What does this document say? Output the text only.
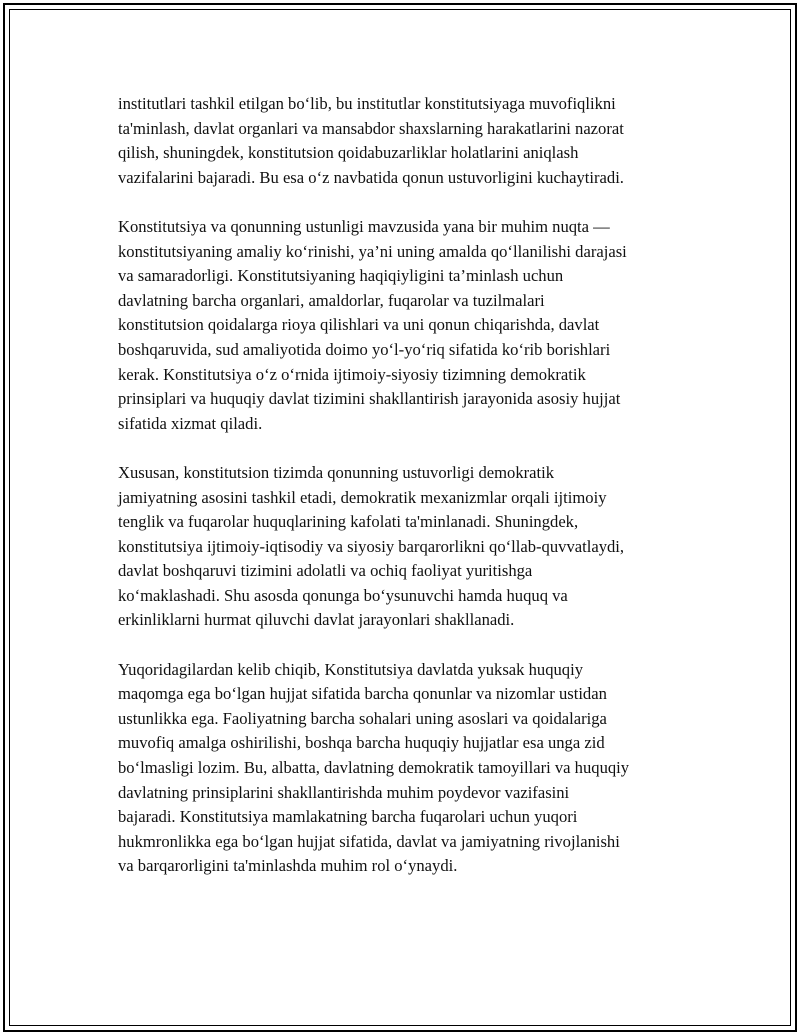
institutlari tashkil etilgan bo‘lib, bu institutlar konstitutsiyaga muvofiqlikni
ta'minlash, davlat organlari va mansabdor shaxslarning harakatlarini nazorat
qilish, shuningdek, konstitutsion qoidabuzarliklar holatlarini aniqlash
vazifalarini bajaradi. Bu esa o‘z navbatida qonun ustuvorligini kuchaytiradi.

Konstitutsiya va qonunning ustunligi mavzusida yana bir muhim nuqta —
konstitutsiyaning amaliy ko‘rinishi, ya’ni uning amalda qo‘llanilishi darajasi
va samaradorligi. Konstitutsiyaning haqiqiyligini ta’minlash uchun
davlatning barcha organlari, amaldorlar, fuqarolar va tuzilmalari
konstitutsion qoidalarga rioya qilishlari va uni qonun chiqarishda, davlat
boshqaruvida, sud amaliyotida doimo yo‘l-yo‘riq sifatida ko‘rib borishlari
kerak. Konstitutsiya o‘z o‘rnida ijtimoiy-siyosiy tizimning demokratik
prinsiplari va huquqiy davlat tizimini shakllantirish jarayonida asosiy hujjat
sifatida xizmat qiladi.

Xususan, konstitutsion tizimda qonunning ustuvorligi demokratik
jamiyatning asosini tashkil etadi, demokratik mexanizmlar orqali ijtimoiy
tenglik va fuqarolar huquqlarining kafolati ta'minlanadi. Shuningdek,
konstitutsiya ijtimoiy-iqtisodiy va siyosiy barqarorlikni qo‘llab-quvvatlaydi,
davlat boshqaruvi tizimini adolatli va ochiq faoliyat yuritishga
ko‘maklashadi. Shu asosda qonunga bo‘ysunuvchi hamda huquq va
erkinliklarni hurmat qiluvchi davlat jarayonlari shakllanadi.

Yuqoridagilardan kelib chiqib, Konstitutsiya davlatda yuksak huquqiy
maqomga ega bo‘lgan hujjat sifatida barcha qonunlar va nizomlar ustidan
ustunlikka ega. Faoliyatning barcha sohalari uning asoslari va qoidalariga
muvofiq amalga oshirilishi, boshqa barcha huquqiy hujjatlar esa unga zid
bo‘lmasligi lozim. Bu, albatta, davlatning demokratik tamoyillari va huquqiy
davlatning prinsiplarini shakllantirishda muhim poydevor vazifasini
bajaradi. Konstitutsiya mamlakatning barcha fuqarolari uchun yuqori
hukmronlikka ega bo‘lgan hujjat sifatida, davlat va jamiyatning rivojlanishi
va barqarorligini ta'minlashda muhim rol o‘ynaydi.
